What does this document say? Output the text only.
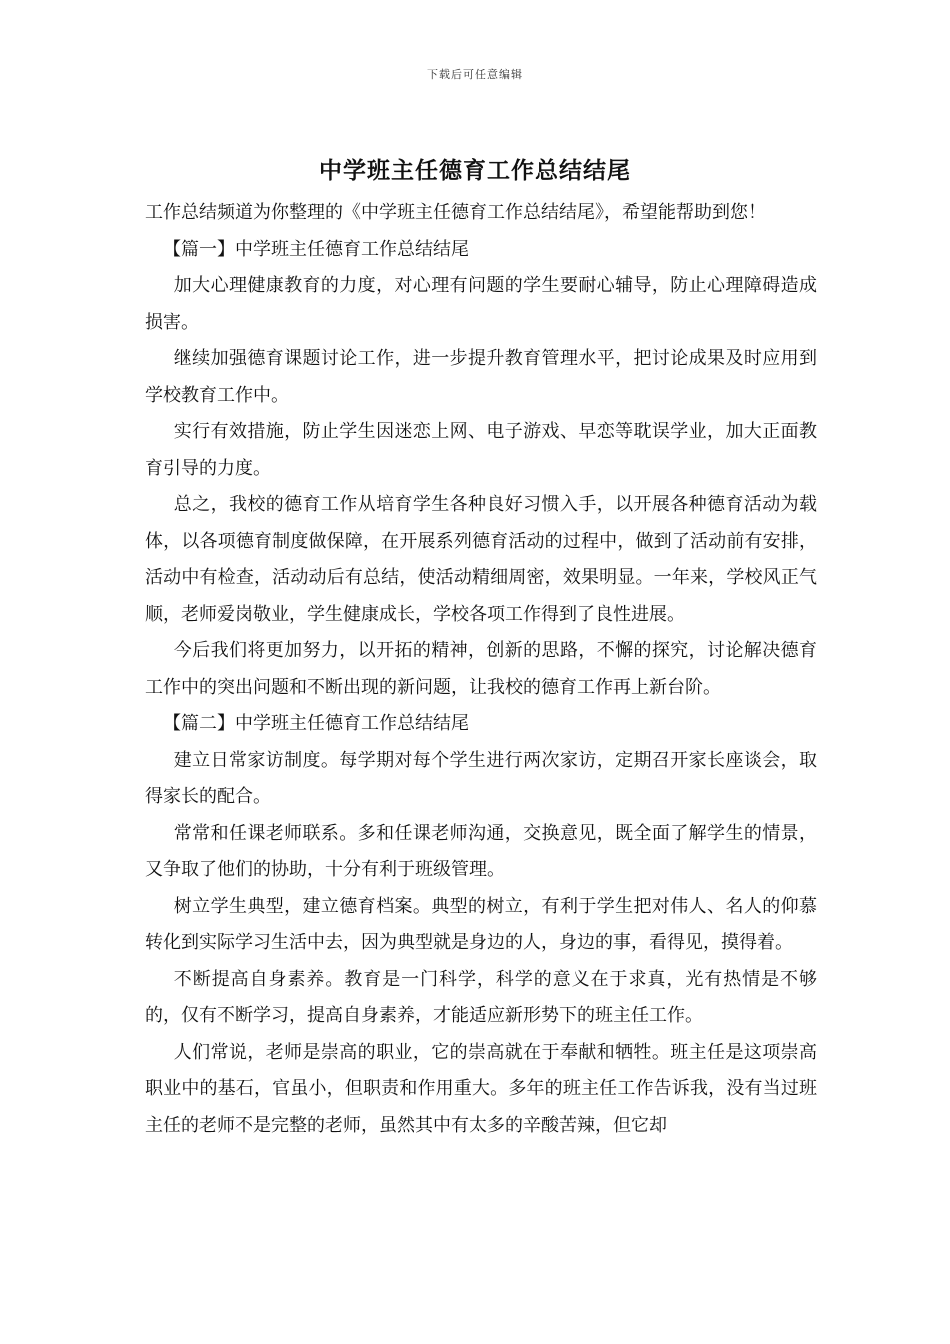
下载后可任意编辑
中学班主任德育工作总结结尾

工作总结频道为你整理的《中学班主任德育工作总结结尾》，希望能帮助到您！

【篇一】中学班主任德育工作总结结尾

加大心理健康教育的力度，对心理有问题的学生要耐心辅导，防止心理障碍造成损害。

继续加强德育课题讨论工作，进一步提升教育管理水平，把讨论成果及时应用到学校教育工作中。

实行有效措施，防止学生因迷恋上网、电子游戏、早恋等耽误学业，加大正面教育引导的力度。

总之，我校的德育工作从培育学生各种良好习惯入手，以开展各种德育活动为载体，以各项德育制度做保障，在开展系列德育活动的过程中，做到了活动前有安排，活动中有检查，活动动后有总结，使活动精细周密，效果明显。一年来，学校风正气顺，老师爱岗敬业，学生健康成长，学校各项工作得到了良性进展。

今后我们将更加努力，以开拓的精神，创新的思路，不懈的探究，讨论解决德育工作中的突出问题和不断出现的新问题，让我校的德育工作再上新台阶。

【篇二】中学班主任德育工作总结结尾

建立日常家访制度。每学期对每个学生进行两次家访，定期召开家长座谈会，取得家长的配合。

常常和任课老师联系。多和任课老师沟通，交换意见，既全面了解学生的情景，又争取了他们的协助，十分有利于班级管理。

树立学生典型，建立德育档案。典型的树立，有利于学生把对伟人、名人的仰慕转化到实际学习生活中去，因为典型就是身边的人，身边的事，看得见，摸得着。

不断提高自身素养。教育是一门科学，科学的意义在于求真，光有热情是不够的，仅有不断学习，提高自身素养，才能适应新形势下的班主任工作。

人们常说，老师是崇高的职业，它的崇高就在于奉献和牺牲。班主任是这项崇高职业中的基石，官虽小，但职责和作用重大。多年的班主任工作告诉我，没有当过班主任的老师不是完整的老师，虽然其中有太多的辛酸苦辣，但它却
